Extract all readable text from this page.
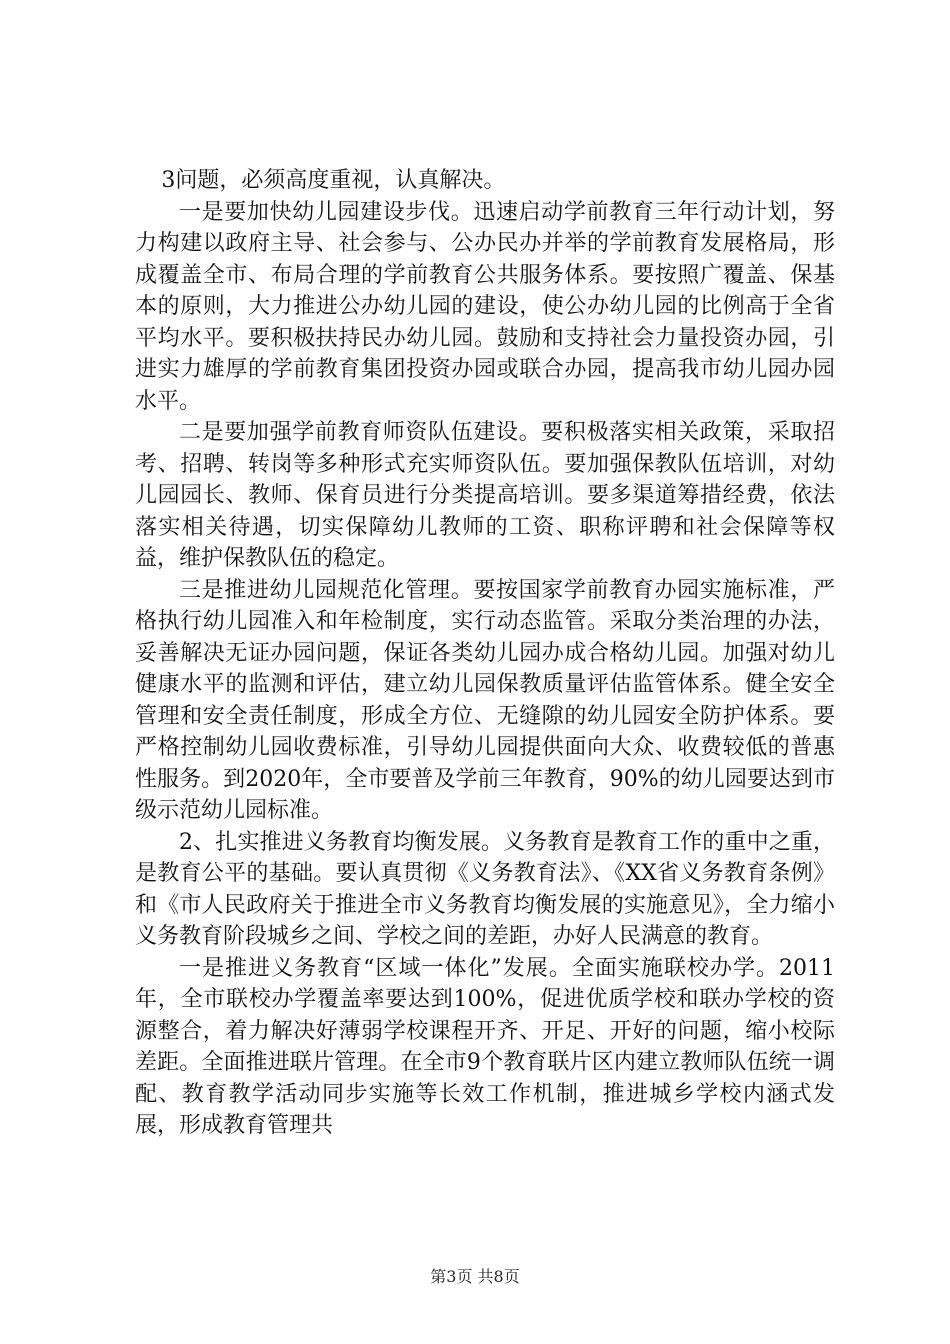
3问题，必须高度重视，认真解决。

一是要加快幼儿园建设步伐。迅速启动学前教育三年行动计划，努力构建以政府主导、社会参与、公办民办并举的学前教育发展格局，形成覆盖全市、布局合理的学前教育公共服务体系。要按照广覆盖、保基本的原则，大力推进公办幼儿园的建设，使公办幼儿园的比例高于全省平均水平。要积极扶持民办幼儿园。鼓励和支持社会力量投资办园，引进实力雄厚的学前教育集团投资办园或联合办园，提高我市幼儿园办园水平。

二是要加强学前教育师资队伍建设。要积极落实相关政策，采取招考、招聘、转岗等多种形式充实师资队伍。要加强保教队伍培训，对幼儿园园长、教师、保育员进行分类提高培训。要多渠道筹措经费，依法落实相关待遇，切实保障幼儿教师的工资、职称评聘和社会保障等权益，维护保教队伍的稳定。

三是推进幼儿园规范化管理。要按国家学前教育办园实施标准，严格执行幼儿园准入和年检制度，实行动态监管。采取分类治理的办法，妥善解决无证办园问题，保证各类幼儿园办成合格幼儿园。加强对幼儿健康水平的监测和评估，建立幼儿园保教质量评估监管体系。健全安全管理和安全责任制度，形成全方位、无缝隙的幼儿园安全防护体系。要严格控制幼儿园收费标准，引导幼儿园提供面向大众、收费较低的普惠性服务。到2020年，全市要普及学前三年教育，90%的幼儿园要达到市级示范幼儿园标准。

2、扎实推进义务教育均衡发展。义务教育是教育工作的重中之重，是教育公平的基础。要认真贯彻《义务教育法》、《XX省义务教育条例》和《市人民政府关于推进全市义务教育均衡发展的实施意见》，全力缩小义务教育阶段城乡之间、学校之间的差距，办好人民满意的教育。

一是推进义务教育“区域一体化”发展。全面实施联校办学。2011年，全市联校办学覆盖率要达到100%，促进优质学校和联办学校的资源整合，着力解决好薄弱学校课程开齐、开足、开好的问题，缩小校际差距。全面推进联片管理。在全市9个教育联片区内建立教师队伍统一调配、教育教学活动同步实施等长效工作机制，推进城乡学校内涵式发展，形成教育管理共

第3页 共8页
